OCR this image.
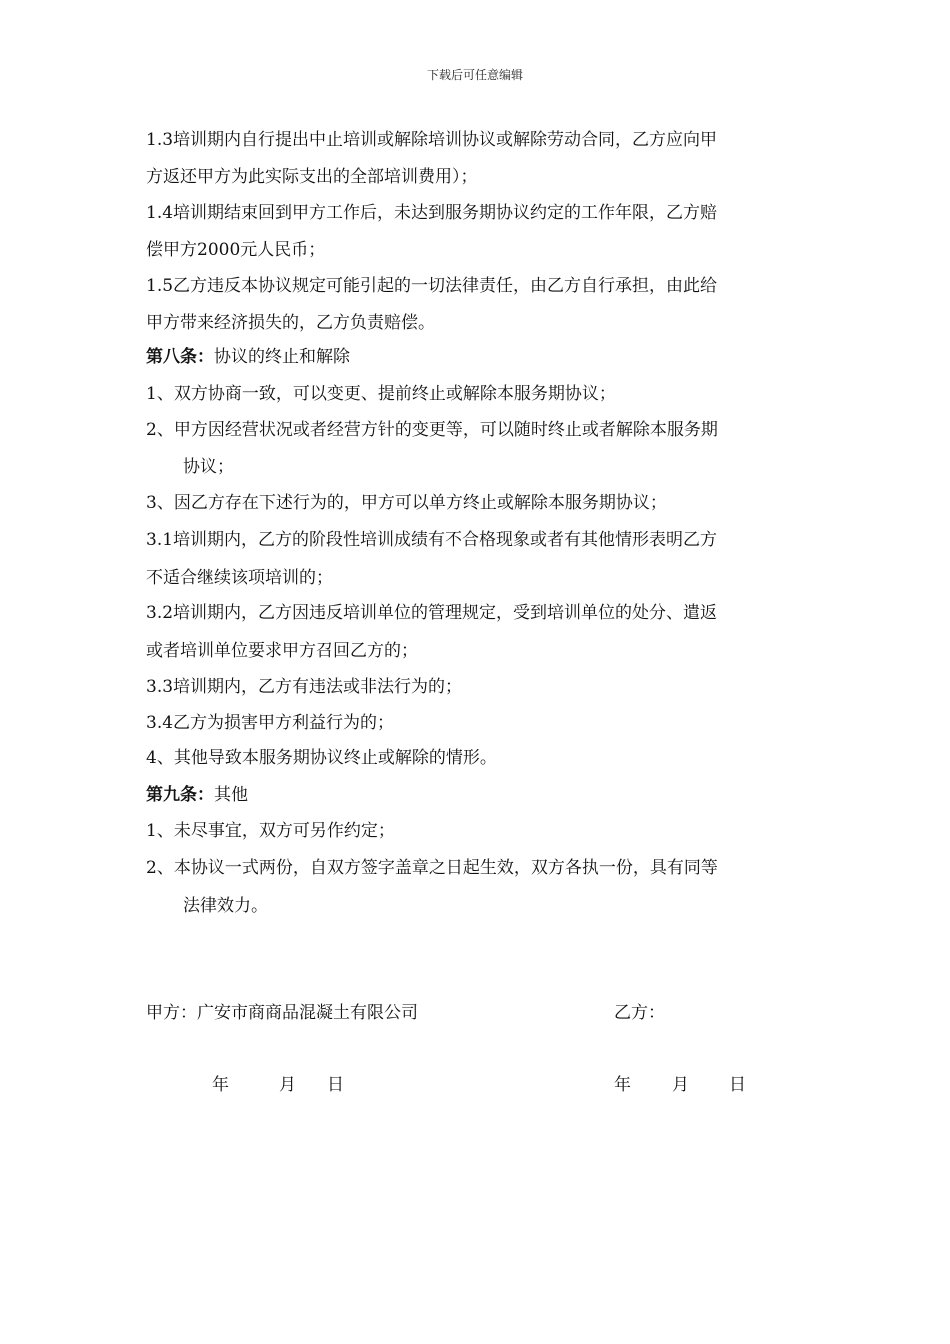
下载后可任意编辑
1.3培训期内自行提出中止培训或解除培训协议或解除劳动合同，乙方应向甲
方返还甲方为此实际支出的全部培训费用）；
1.4培训期结束回到甲方工作后，未达到服务期协议约定的工作年限，乙方赔
偿甲方2000元人民币；
1.5乙方违反本协议规定可能引起的一切法律责任，由乙方自行承担，由此给
甲方带来经济损失的，乙方负责赔偿。
第八条：协议的终止和解除
1、双方协商一致，可以变更、提前终止或解除本服务期协议；
2、甲方因经营状况或者经营方针的变更等，可以随时终止或者解除本服务期
协议；
3、因乙方存在下述行为的，甲方可以单方终止或解除本服务期协议；
3.1培训期内，乙方的阶段性培训成绩有不合格现象或者有其他情形表明乙方
不适合继续该项培训的；
3.2培训期内，乙方因违反培训单位的管理规定，受到培训单位的处分、遣返
或者培训单位要求甲方召回乙方的；
3.3培训期内，乙方有违法或非法行为的；
3.4乙方为损害甲方利益行为的；
4、其他导致本服务期协议终止或解除的情形。
第九条：其他
1、未尽事宜，双方可另作约定；
2、本协议一式两份，自双方签字盖章之日起生效，双方各执一份，具有同等
法律效力。
甲方：广安市商商品混凝土有限公司	乙方：
年	月 日	年 月 日
